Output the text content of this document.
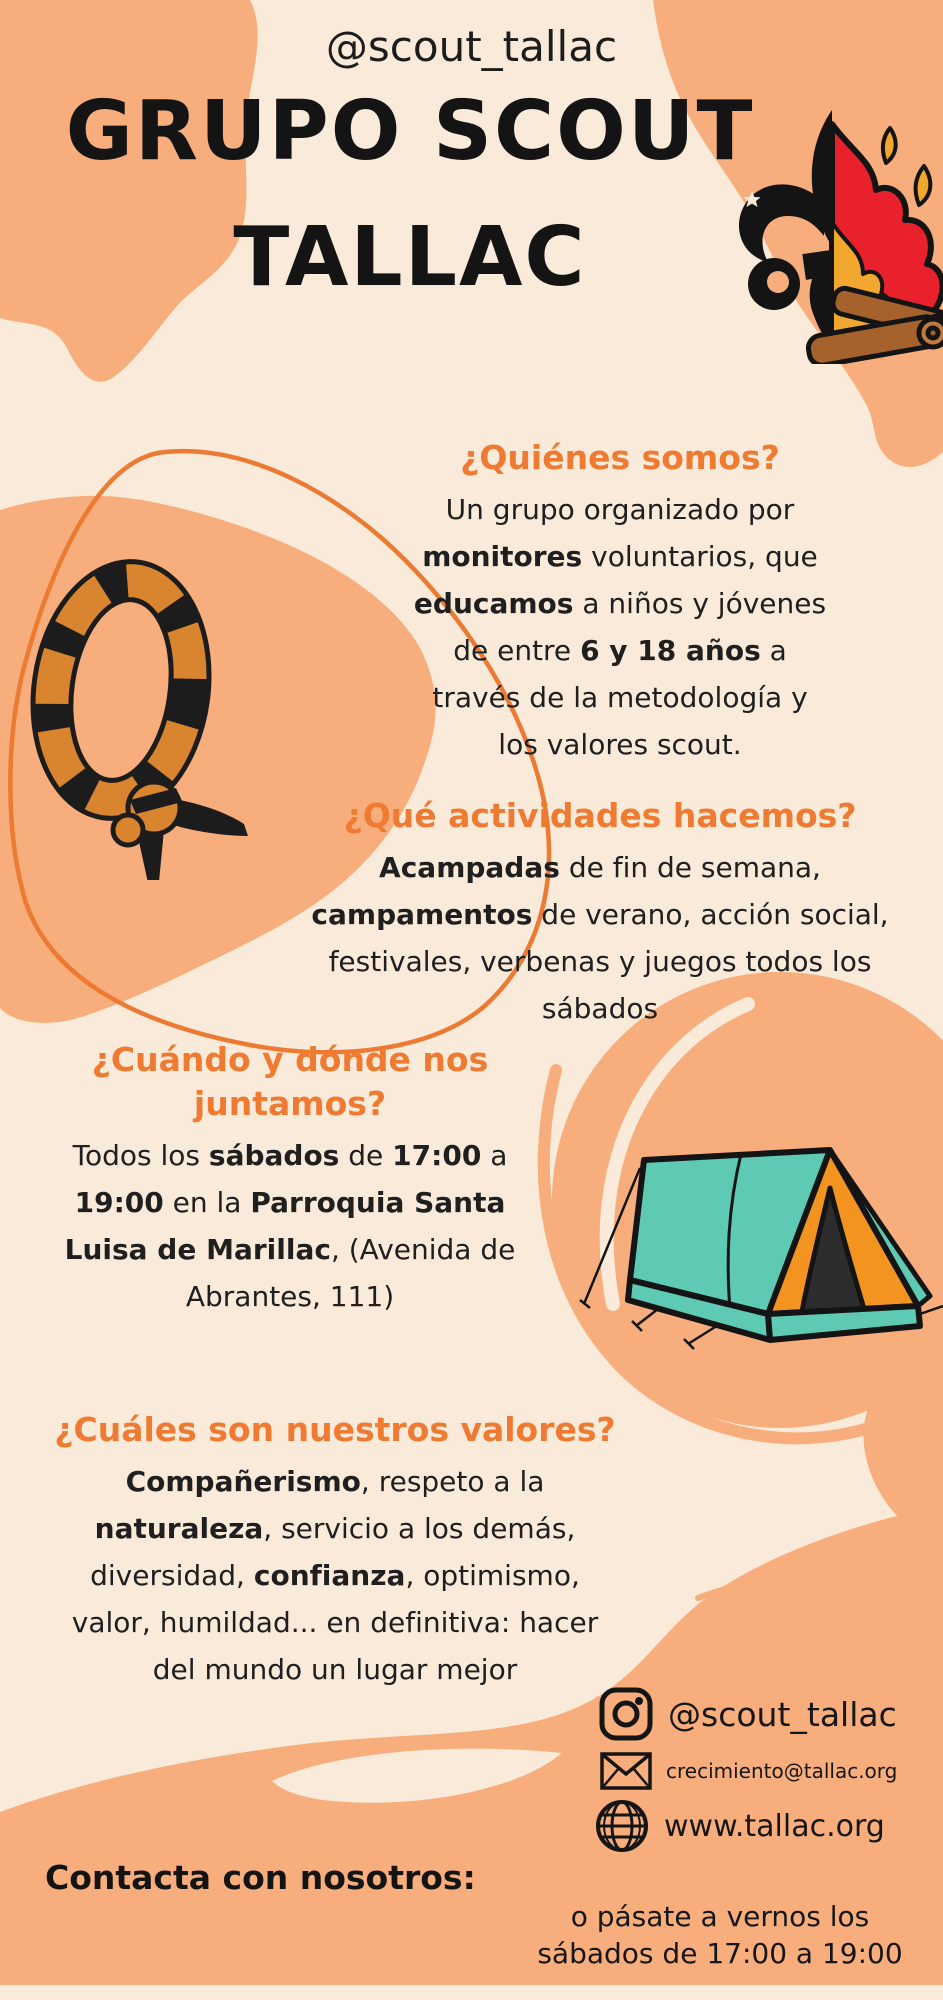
@scout_tallac
GRUPO SCOUT
TALLAC
¿Quiénes somos?
Un grupo organizado por
monitores voluntarios, que
educamos a niños y jóvenes
de entre 6 y 18 años a
través de la metodología y
los valores scout.
¿Qué actividades hacemos?
Acampadas de fin de semana,
campamentos de verano, acción social,
festivales, verbenas y juegos todos los
sábados
¿Cuándo y dónde nos
juntamos?
Todos los sábados de 17:00 a
19:00 en la Parroquia Santa
Luisa de Marillac, (Avenida de
Abrantes, 111)
¿Cuáles son nuestros valores?
Compañerismo, respeto a la
naturaleza, servicio a los demás,
diversidad, confianza, optimismo,
valor, humildad... en definitiva: hacer
del mundo un lugar mejor
@scout_tallac
crecimiento@tallac.org
www.tallac.org
Contacta con nosotros:
o pásate a vernos los
sábados de 17:00 a 19:00
